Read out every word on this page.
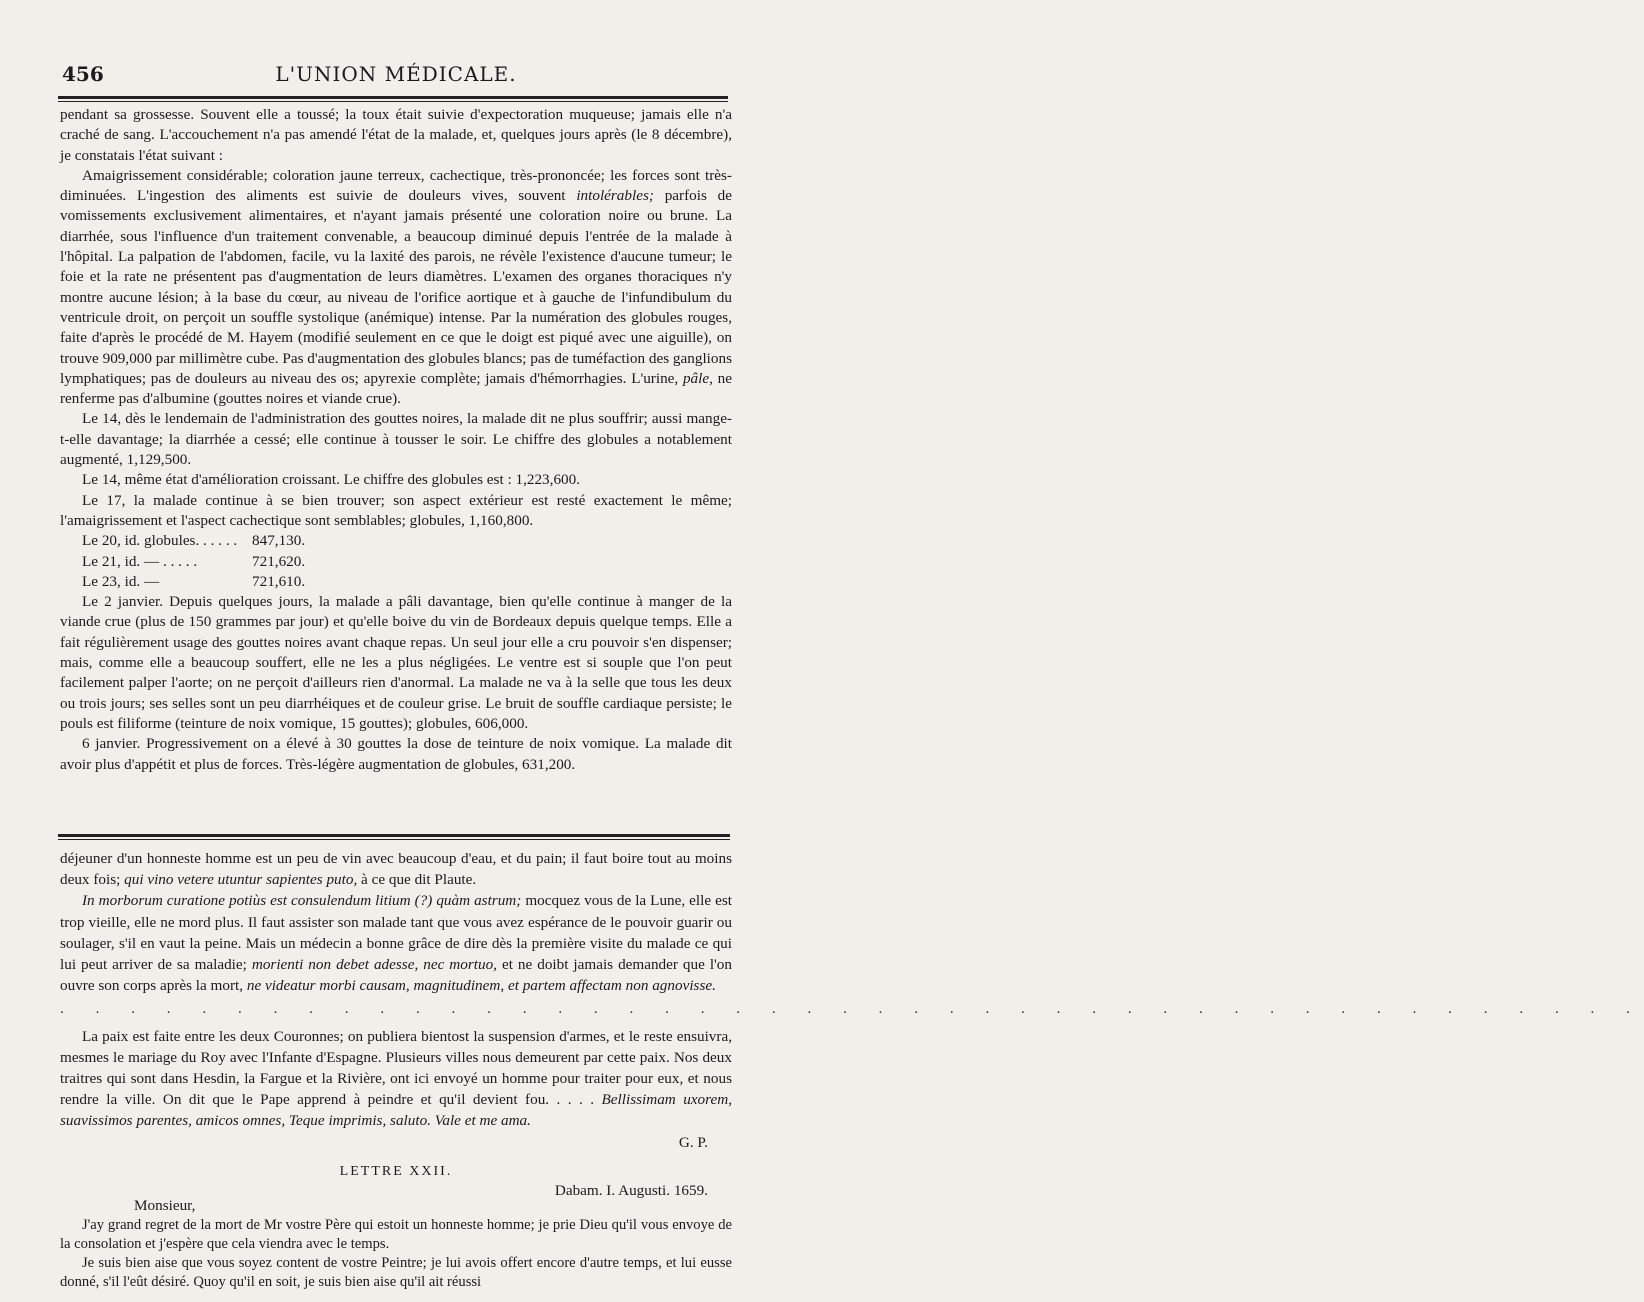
456	L'UNION MÉDICALE.

pendant sa grossesse. Souvent elle a toussé; la toux était suivie d'expectoration muqueuse; jamais elle n'a craché de sang. L'accouchement n'a pas amendé l'état de la malade, et, quelques jours après (le 8 décembre), je constatais l'état suivant :

Amaigrissement considérable; coloration jaune terreux, cachectique, très-prononcée; les forces sont très-diminuées. L'ingestion des aliments est suivie de douleurs vives, souvent intolérables; parfois de vomissements exclusivement alimentaires, et n'ayant jamais présenté une coloration noire ou brune. La diarrhée, sous l'influence d'un traitement convenable, a beaucoup diminué depuis l'entrée de la malade à l'hôpital. La palpation de l'abdomen, facile, vu la laxité des parois, ne révèle l'existence d'aucune tumeur; le foie et la rate ne présentent pas d'augmentation de leurs diamètres. L'examen des organes thoraciques n'y montre aucune lésion; à la base du cœur, au niveau de l'orifice aortique et à gauche de l'infundibulum du ventricule droit, on perçoit un souffle systolique (anémique) intense. Par la numération des globules rouges, faite d'après le procédé de M. Hayem (modifié seulement en ce que le doigt est piqué avec une aiguille), on trouve 909,000 par millimètre cube. Pas d'augmentation des globules blancs; pas de tuméfaction des ganglions lymphatiques; pas de douleurs au niveau des os; apyrexie complète; jamais d'hémorrhagies. L'urine, pâle, ne renferme pas d'albumine (gouttes noires et viande crue).

Le 14, dès le lendemain de l'administration des gouttes noires, la malade dit ne plus souffrir; aussi mange-t-elle davantage; la diarrhée a cessé; elle continue à tousser le soir. Le chiffre des globules a notablement augmenté, 1,129,500.

Le 14, même état d'amélioration croissant. Le chiffre des globules est : 1,223,600.

Le 17, la malade continue à se bien trouver; son aspect extérieur est resté exactement le même; l'amaigrissement et l'aspect cachectique sont semblables; globules, 1,160,800.

Le 20, id. globules. . . . . . 847,130.
Le 21, id. — . . . . .	721,620.
Le 23, id. —	721,610.

Le 2 janvier. Depuis quelques jours, la malade a pâli davantage, bien qu'elle continue à manger de la viande crue (plus de 150 grammes par jour) et qu'elle boive du vin de Bordeaux depuis quelque temps. Elle a fait régulièrement usage des gouttes noires avant chaque repas. Un seul jour elle a cru pouvoir s'en dispenser; mais, comme elle a beaucoup souffert, elle ne les a plus négligées. Le ventre est si souple que l'on peut facilement palper l'aorte; on ne perçoit d'ailleurs rien d'anormal. La malade ne va à la selle que tous les deux ou trois jours; ses selles sont un peu diarrhéiques et de couleur grise. Le bruit de souffle cardiaque persiste; le pouls est filiforme (teinture de noix vomique, 15 gouttes); globules, 606,000.

6 janvier. Progressivement on a élevé à 30 gouttes la dose de teinture de noix vomique. La malade dit avoir plus d'appétit et plus de forces. Très-légère augmentation de globules, 631,200.

déjeuner d'un honneste homme est un peu de vin avec beaucoup d'eau, et du pain; il faut boire tout au moins deux fois; qui vino vetere utuntur sapientes puto, à ce que dit Plaute.

In morborum curatione potiùs est consulendum litium (?) quàm astrum; mocquez vous de la Lune, elle est trop vieille, elle ne mord plus. Il faut assister son malade tant que vous avez espérance de le pouvoir guarir ou soulager, s'il en vaut la peine. Mais un médecin a bonne grâce de dire dès la première visite du malade ce qui lui peut arriver de sa maladie; morienti non debet adesse, nec mortuo, et ne doibt jamais demander que l'on ouvre son corps après la mort, ne videatur morbi causam, magnitudinem, et partem affectam non agnovisse.

. . . . . . . . . . . . . . . . . . . . . . . . . . . . . . . . . . . . . . . . . . . . .

La paix est faite entre les deux Couronnes; on publiera bientost la suspension d'armes, et le reste ensuivra, mesmes le mariage du Roy avec l'Infante d'Espagne. Plusieurs villes nous demeurent par cette paix. Nos deux traitres qui sont dans Hesdin, la Fargue et la Rivière, ont ici envoyé un homme pour traiter pour eux, et nous rendre la ville. On dit que le Pape apprend à peindre et qu'il devient fou. . . . . Bellissimam uxorem, suavissimos parentes, amicos omnes, Teque imprimis, saluto. Vale et me ama.

G. P.

LETTRE XXII.

Dabam. I. Augusti. 1659.

Monsieur,

J'ay grand regret de la mort de Mr vostre Père qui estoit un honneste homme; je prie Dieu qu'il vous envoye de la consolation et j'espère que cela viendra avec le temps.

Je suis bien aise que vous soyez content de vostre Peintre; je lui avois offert encore d'autre temps, et lui eusse donné, s'il l'eût désiré. Quoy qu'il en soit, je suis bien aise qu'il ait réussi
